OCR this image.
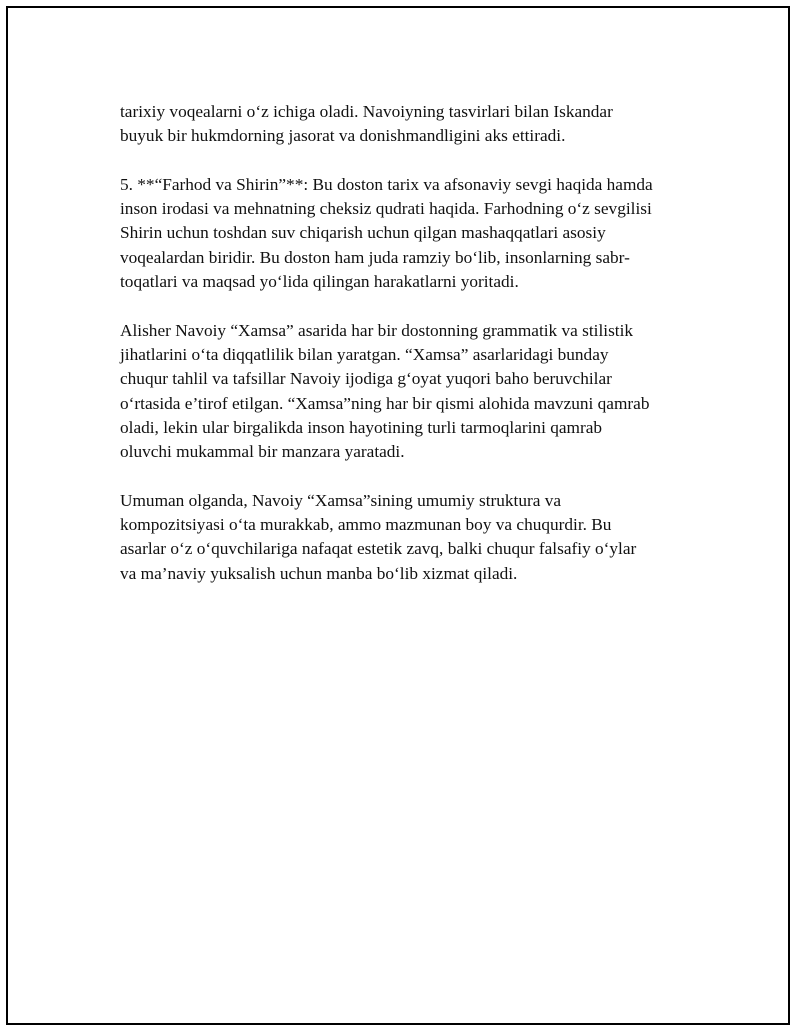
tarixiy voqealarni o‘z ichiga oladi. Navoiyning tasvirlari bilan Iskandar
buyuk bir hukmdorning jasorat va donishmandligini aks ettiradi.

5. **“Farhod va Shirin”**: Bu doston tarix va afsonaviy sevgi haqida hamda
inson irodasi va mehnatning cheksiz qudrati haqida. Farhodning o‘z sevgilisi
Shirin uchun toshdan suv chiqarish uchun qilgan mashaqqatlari asosiy
voqealardan biridir. Bu doston ham juda ramziy bo‘lib, insonlarning sabr-
toqatlari va maqsad yo‘lida qilingan harakatlarni yoritadi.

Alisher Navoiy “Xamsa” asarida har bir dostonning grammatik va stilistik
jihatlarini o‘ta diqqatlilik bilan yaratgan. “Xamsa” asarlaridagi bunday
chuqur tahlil va tafsillar Navoiy ijodiga g‘oyat yuqori baho beruvchilar
o‘rtasida e’tirof etilgan. “Xamsa”ning har bir qismi alohida mavzuni qamrab
oladi, lekin ular birgalikda inson hayotining turli tarmoqlarini qamrab
oluvchi mukammal bir manzara yaratadi.

Umuman olganda, Navoiy “Xamsa”sining umumiy struktura va
kompozitsiyasi o‘ta murakkab, ammo mazmunan boy va chuqurdir. Bu
asarlar o‘z o‘quvchilariga nafaqat estetik zavq, balki chuqur falsafiy o‘ylar
va ma’naviy yuksalish uchun manba bo‘lib xizmat qiladi.
